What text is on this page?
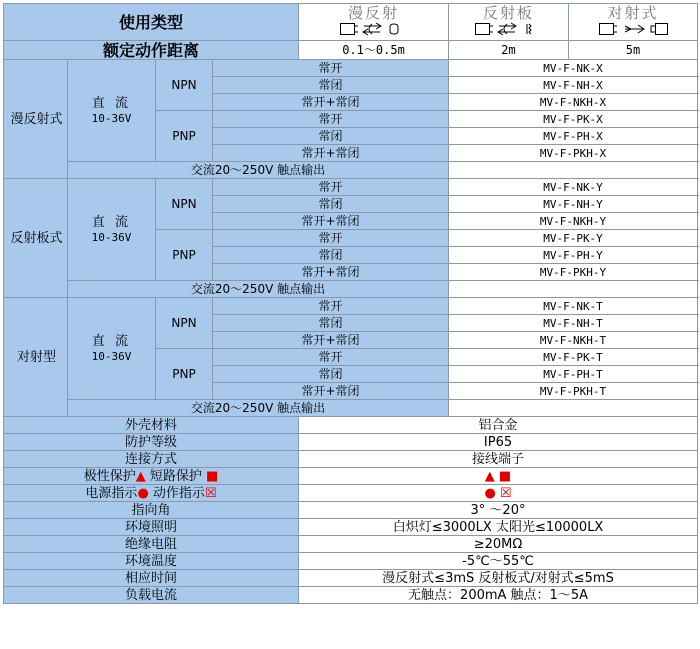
使用类型				漫反射	反射板	对射式

额定动作距离				0.1～0.5m	2m	5m
漫反射式	直 流
10-36V	NPN	常开		MV-F-NK-X	
			常闭		MV-F-NH-X	
			常开+常闭		MV-F-NKH-X	
		PNP	常开		MV-F-PK-X	
			常闭		MV-F-PH-X	
			常开+常闭		MV-F-PKH-X	
	交流20～250V 触点输出					
反射板式	直 流
10-36V	NPN	常开		MV-F-NK-Y	
			常闭		MV-F-NH-Y	
			常开+常闭		MV-F-NKH-Y	
		PNP	常开		MV-F-PK-Y	
			常闭		MV-F-PH-Y	
			常开+常闭		MV-F-PKH-Y	
	交流20～250V 触点输出					
对射型	直 流
10-36V	NPN	常开		MV-F-NK-T	
			常闭		MV-F-NH-T	
			常开+常闭		MV-F-NKH-T	
		PNP	常开		MV-F-PK-T	
			常闭		MV-F-PH-T	
			常开+常闭		MV-F-PKH-T	
	交流20～250V 触点输出					
外壳材料				铝合金		
防护等级				IP65		
连接方式				接线端子		
极性保护▲ 短路保护 ■				▲ ■		
电源指示● 动作指示☒				● ☒		
指向角				3° ～20°		
环境照明				白炽灯≤3000LX 太阳光≤10000LX		
绝缘电阻				≥20MΩ		
环境温度				-5℃～55℃		
相应时间				漫反射式≤3mS 反射板式/对射式≤5mS		
负载电流				无触点：200mA 触点：1～5A		
